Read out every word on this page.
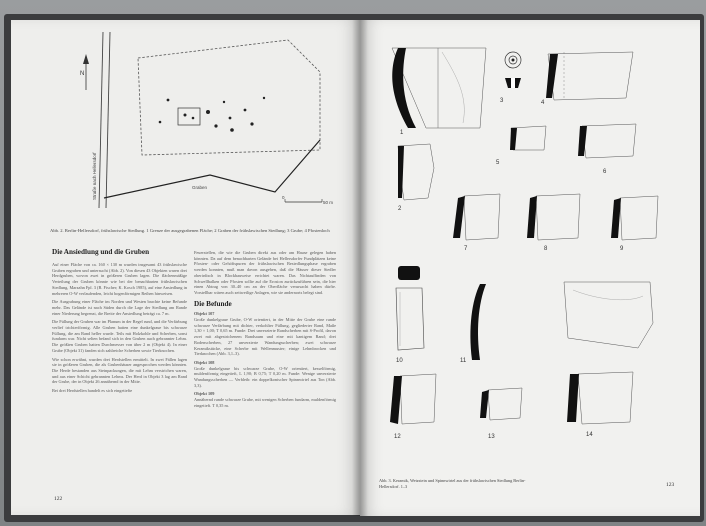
N
Straße nach Hellersdorf	Graben
0
50 m
Abb. 2. Berlin-Hellersdorf, frühslawische Siedlung. 1 Grenze der ausgegrabenen Fläche; 2 Graben der frühslawischen Siedlung; 3 Grube; 4 Pfostenloch
Die Ansiedlung und die Gruben

Auf einer Fläche von ca. 160 × 130 m wurden insgesamt 43 frühslawische Gruben ergraben und untersucht (Abb. 2). Von diesen 43 Objekten waren drei Herdgruben, wovon zwei in größeren Gruben lagen. Die flächenmäßige Verteilung der Gruben könnte wie bei der benachbarten frühslawischen Siedlung, Marzahn Fpl. 3 (B. Fischer; K. Kosch 1985), auf eine Ansiedlung in mehreren O-W verlaufenden, leicht bogenförmigen Reihen hinweisen.

Die Ausgrabung einer Fläche im Norden und Westen brachte keine Befunde mehr. Das Gelände ist nach Süden durch die Lage der Siedlung am Rande einer Niederung begrenzt, die Breite der Ansiedlung beträgt ca. 7 m.

Die Füllung der Gruben war im Planum in der Regel rund, und die Verfärbung verlief trichterförmig. Alle Gruben hatten eine dunkelgraue bis schwarze Füllung, die am Rand heller wurde. Teils mit Holzkohle und Scherben, sonst fundarm war. Nicht selten befand sich in den Gruben auch gebrannter Lehm. Die größten Gruben hatten Durchmesser von über 2 m (Objekt 4). In einer Grube (Objekt 31) fanden sich zahlreiche Scherben sowie Tierknochen.

Wie schon erwähnt, wurden drei Herdstellen ermittelt. In zwei Fällen lagen sie in größeren Gruben, die als Grubenhäuser angesprochen werden könnten. Die Herde bestanden aus Steinpackungen, die mit Lehm verstrichen waren, und aus einer Schicht gebrannten Lehms. Der Herd in Objekt 3 lag am Rand der Grube, der in Objekt 26 annähernd in der Mitte.

Bei drei Herdstellen handelt es sich eingetiefte

Feuerstellen, die wie die Gruben direkt aus oder am Hause gelegen haben könnten. Da auf dem benachbarten Gelände bei Hellersdorfer Fundplätzen keine Pfosten- oder Gehöftspuren der frühslawischen Besiedlungsphase ergraben werden konnten, muß man davon ausgehen, daß die Häuser dieser Siedler oberirdisch in Blockbauweise errichtet waren. Das Nichtauffinden von Schwellbalken oder Pfosten sollte auf die Erosion zurückzuführen sein, die hier einen Abtrag von 30–40 cm an der Oberfläche verursacht haben dürfte. Vorstellbar wären auch zeitweilige Anlagen, wie sie andernorts belegt sind.

Die Befunde

Objekt 107

Große dunkelgraue Grube, O-W orientiert, in der Mitte der Grube eine runde schwarze Verfärbung mit dichter, verkohlter Füllung, gegliederter Rand, Maße 1,30 × 1,00; T 0,65 m. Funde: Drei unverzierte Randscherben mit S-Profil, davon zwei mit abgestrichenem Randsaum und eine mit kantigem Rand; drei Bodenscherben, 27 unverzierte Wandungsscherben; zwei schwarze Keramikstücke, eine Scherbe mit Wellenmuster; einige Lehmbrocken und Tierknochen (Abb. 3,1–3).

Objekt 108

Große dunkelgraue bis schwarze Grube, O-W orientiert, kesselförmig, muldenförmig eingetieft, L 1,90; B 0,75; T 0,20 m. Funde: Wenige unverzierte Wandungsscherben — Verbleib: ein doppelkonischer Spinnwirtel aus Ton (Abb. 3,3).

Objekt 109

Annähernd runde schwarze Grube, mit wenigen Scherben fundarm, muldenförmig eingetieft. T 0,35 m.

122
1
2
3	4
5
6
7	8	9
10	11
12	13	14
Abb. 3. Keramik, Wetzstein und Spinnwirtel aus der frühslawischen Siedlung Berlin-Hellersdorf. 1–3	123
